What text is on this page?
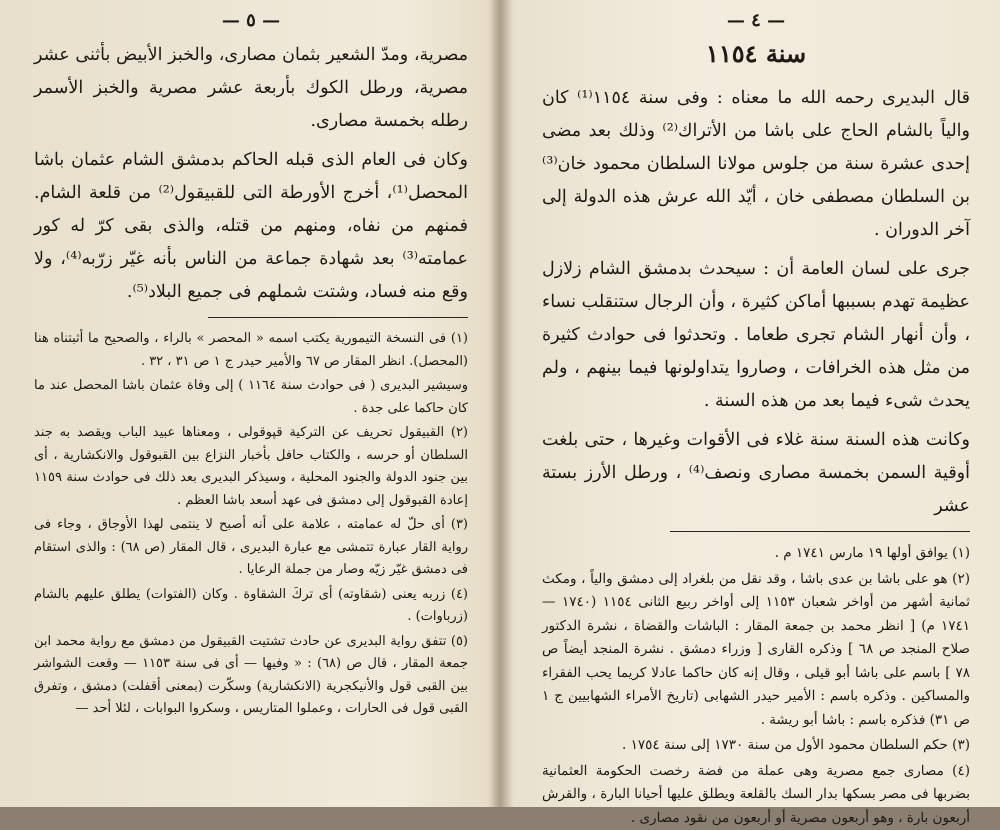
— ٥ —

مصرية، ومدّ الشعير بثمان مصارى، والخبز الأبيض بأثنى عشر مصرية، ورطل الكوك بأربعة عشر مصرية والخبز الأسمر رطله بخمسة مصارى.

وكان فى العام الذى قبله الحاكم بدمشق الشام عثمان باشا المحصل⁽¹⁾، أخرج الأورطة التى للقبيقول⁽²⁾ من قلعة الشام. فمنهم من نفاه، ومنهم من قتله، والذى بقى كرّ له كور عمامته⁽³⁾ بعد شهادة جماعة من الناس بأنه غيّر زرّبه⁽⁴⁾، ولا وقع منه فساد، وشتت شملهم فى جميع البلاد⁽⁵⁾.

(١) فى النسخة التيمورية يكتب اسمه « المحصر » بالراء ، والصحيح ما أثبتناه هنا (المحصل). انظر المقار ص ٦٧ والأمير حيدر ج ١ ص ٣١ ، ٣٢ .

وسيشير البديرى ( فى حوادث سنة ١١٦٤ ) إلى وفاة عثمان باشا المحصل عند ما كان حاكما على جدة .

(٢) القبيقول تحريف عن التركية قپوقولى ، ومعناها عبيد الباب ويقصد به جند السلطان أو حرسه ، والكتاب حافل بأخبار النزاع بين القبوقول والانكشارية ، أى بين جنود الدولة والجنود المحلية ، وسيذكر البديرى بعد ذلك فى حوادث سنة ١١٥٩ إعادة القبوقول إلى دمشق فى عهد أسعد باشا العظم .

(٣) أى حلّ له عمامته ، علامة على أنه أصبح لا ينتمى لهذا الأوجاق ، وجاء فى رواية القار عبارة تتمشى مع عبارة البديرى ، قال المقار (ص ٦٨) : والذى استقام فى دمشق غيّر زيّه وصار من جملة الرعايا .

(٤) زربه يعنى (شقاوته) أى تركَ الشقاوة . وكان (الفتوات) يطلق عليهم بالشام (زرباوات) .

(٥) تتفق رواية البديرى عن حادث تشتيت القبيقول من دمشق مع رواية محمد ابن جمعة المقار ، قال ص (٦٨) : « وفيها — أى فى سنة ١١٥٣ — وقعت الشواشر بين القبى قول والأنيكجرية (الانكشارية) وسكّرت (بمعنى أقفلت) دمشق ، وتفرق القبى قول فى الحارات ، وعملوا المتاريس ، وسكروا البوابات ، لئلا أحد —

— ٤ —
سنة ١١٥٤

قال البديرى رحمه الله ما معناه : وفى سنة ١١٥٤⁽¹⁾ كان والياً بالشام الحاج على باشا من الأتراك⁽²⁾ وذلك بعد مضى إحدى عشرة سنة من جلوس مولانا السلطان محمود خان⁽³⁾ بن السلطان مصطفى خان ، أيّد الله عرش هذه الدولة إلى آخر الدوران .

جرى على لسان العامة أن : سيحدث بدمشق الشام زلازل عظيمة تهدم بسببها أماكن كثيرة ، وأن الرجال ستنقلب نساء ، وأن أنهار الشام تجرى طعاما . وتحدثوا فى حوادث كثيرة من مثل هذه الخرافات ، وصاروا يتداولونها فيما بينهم ، ولم يحدث شىء فيما بعد من هذه السنة .

وكانت هذه السنة سنة غلاء فى الأقوات وغيرها ، حتى بلغت أوقية السمن بخمسة مصارى ونصف⁽⁴⁾ ، ورطل الأرز بستة عشر

(١) يوافق أولها ١٩ مارس ١٧٤١ م .

(٢) هو على باشا بن عدى باشا ، وقد نقل من بلغراد إلى دمشق والياً ، ومكث ثمانية أشهر من أواخر شعبان ١١٥٣ إلى أواخر ربيع الثانى ١١٥٤ (١٧٤٠ — ١٧٤١ م) [ انظر محمد بن جمعة المقار : الباشات والقضاة ، نشرة الدكتور صلاح المنجد ص ٦٨ ] وذكره القارى [ وزراء دمشق . نشرة المنجد أيضاً ص ٧٨ ] باسم على باشا أبو قيلى ، وقال إنه كان حاكما عادلا كريما يحب الفقراء والمساكين . وذكره باسم : الأمير حيدر الشهابى (تاريخ الأمراء الشهابيين ج ١ ص ٣١) فذكره باسم : باشا أبو ريشة .

(٣) حكم السلطان محمود الأول من سنة ١٧٣٠ إلى سنة ١٧٥٤ .

(٤) مصارى جمع مصرية وهى عملة من فضة رخصت الحكومة العثمانية بضربها فى مصر بسكها بدار السك بالقلعة ويطلق عليها أحيانا البارة ، والقرش أربعون بارة ، وهو أربعون مصرية أو أربعون من نقود مصارى .
